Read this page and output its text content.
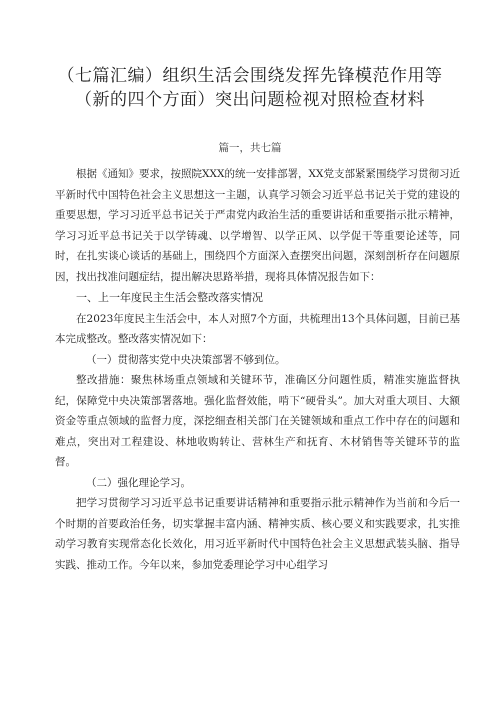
（七篇汇编）组织生活会围绕发挥先锋模范作用等（新的四个方面）突出问题检视对照检查材料
篇一，共七篇

根据《通知》要求，按照院XXX的统一安排部署，XX党支部紧紧围绕学习贯彻习近平新时代中国特色社会主义思想这一主题，认真学习领会习近平总书记关于党的建设的重要思想，学习习近平总书记关于严肃党内政治生活的重要讲话和重要指示批示精神，学习习近平总书记关于以学铸魂、以学增智、以学正风、以学促干等重要论述等，同时，在扎实谈心谈话的基础上，围绕四个方面深入查摆突出问题，深刻剖析存在问题原因，找出找准问题症结，提出解决思路举措，现将具体情况报告如下：

一、上一年度民主生活会整改落实情况

在2023年度民主生活会中，本人对照7个方面，共梳理出13个具体问题，目前已基本完成整改。整改落实情况如下：

（一）贯彻落实党中央决策部署不够到位。

整改措施：聚焦林场重点领域和关键环节，准确区分问题性质，精准实施监督执纪，保障党中央决策部署落地。强化监督效能，啃下“硬骨头”。加大对重大项目、大额资金等重点领域的监督力度，深挖细查相关部门在关键领域和重点工作中存在的问题和难点，突出对工程建设、林地收购转让、营林生产和抚育、木材销售等关键环节的监督。

（二）强化理论学习。

把学习贯彻学习习近平总书记重要讲话精神和重要指示批示精神作为当前和今后一个时期的首要政治任务，切实掌握丰富内涵、精神实质、核心要义和实践要求，扎实推动学习教育实现常态化长效化，用习近平新时代中国特色社会主义思想武装头脑、指导实践、推动工作。今年以来，参加党委理论学习中心组学习
